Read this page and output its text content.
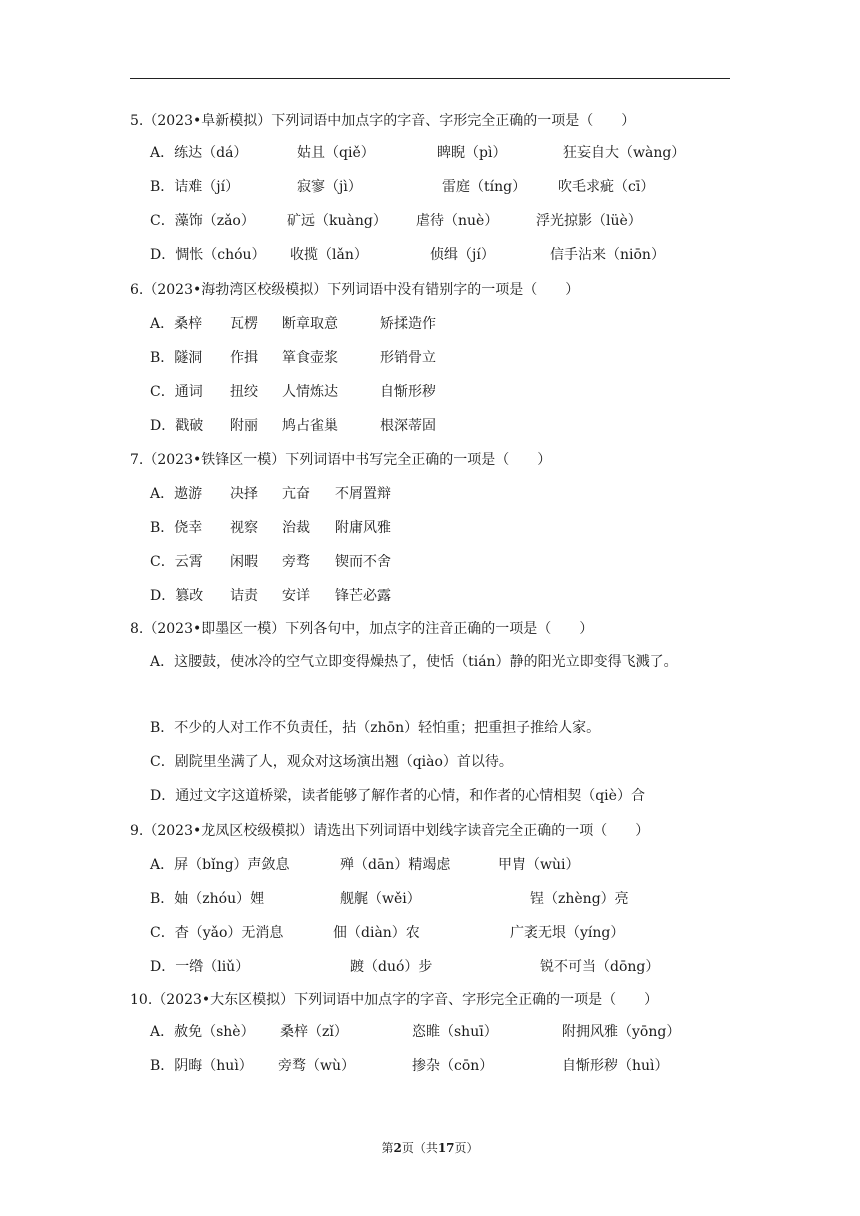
5.（2023•阜新模拟）下列词语中加点字的字音、字形完全正确的一项是（　　）
A．练达（dá）	姑且（qiě）	睥睨（pì）	狂妄自大（wàng）
B．诘难（jí）	寂寥（jì）	雷庭（tíng） 吹毛求疵（cī）
C．藻饰（zǎo） 矿远（kuàng） 虐待（nuè）	浮光掠影（lüè）
D．惆怅（chóu） 收揽（lǎn）	侦缉（jí）	信手沾来（niōn）
6.（2023•海勃湾区校级模拟）下列词语中没有错别字的一项是（　　）
A．桑梓 瓦楞 断章取意	矫揉造作
B．隧洞 作揖 箪食壶浆	形销骨立
C．通词 扭绞 人情炼达	自惭形秽
D．戳破 附丽 鸠占雀巢	根深蒂固
7.（2023•铁锋区一模）下列词语中书写完全正确的一项是（　　）
A．遨游 决择 亢奋 不屑置辩
B．侥幸 视察 治裁 附庸风雅
C．云霄 闲暇 旁骛 锲而不舍
D．篡改 诘责 安详 锋芒必露
8.（2023•即墨区一模）下列各句中，加点字的注音正确的一项是（　　）
A．这腰鼓，使冰冷的空气立即变得燥热了，使恬（tián）静的阳光立即变得飞溅了。
B．不少的人对工作不负责任，拈（zhōn）轻怕重；把重担子推给人家。
C．剧院里坐满了人，观众对这场演出翘（qiào）首以待。
D．通过文字这道桥梁，读者能够了解作者的心情，和作者的心情相契（qiè）合
9.（2023•龙凤区校级模拟）请选出下列词语中划线字读音完全正确的一项（　　）
A．屏（bǐng）声敛息	殚（dān）精竭虑	甲胄（wùi）
B．妯（zhóu）娌	舰艉（wěi）	锃（zhèng）亮
C．杳（yǎo）无消息	佃（diàn）农	广袤无垠（yíng）
D．一绺（liǔ）	踱（duó）步	锐不可当（dōng）
10.（2023•大东区模拟）下列词语中加点字的字音、字形完全正确的一项是（　　）
A．赦免（shè） 桑梓（zǐ）	恣睢（shuī）	附拥风雅（yōng）
B．阴晦（huì） 旁骛（wù）	掺杂（cōn）	自惭形秽（huì）
第2页（共17页）
